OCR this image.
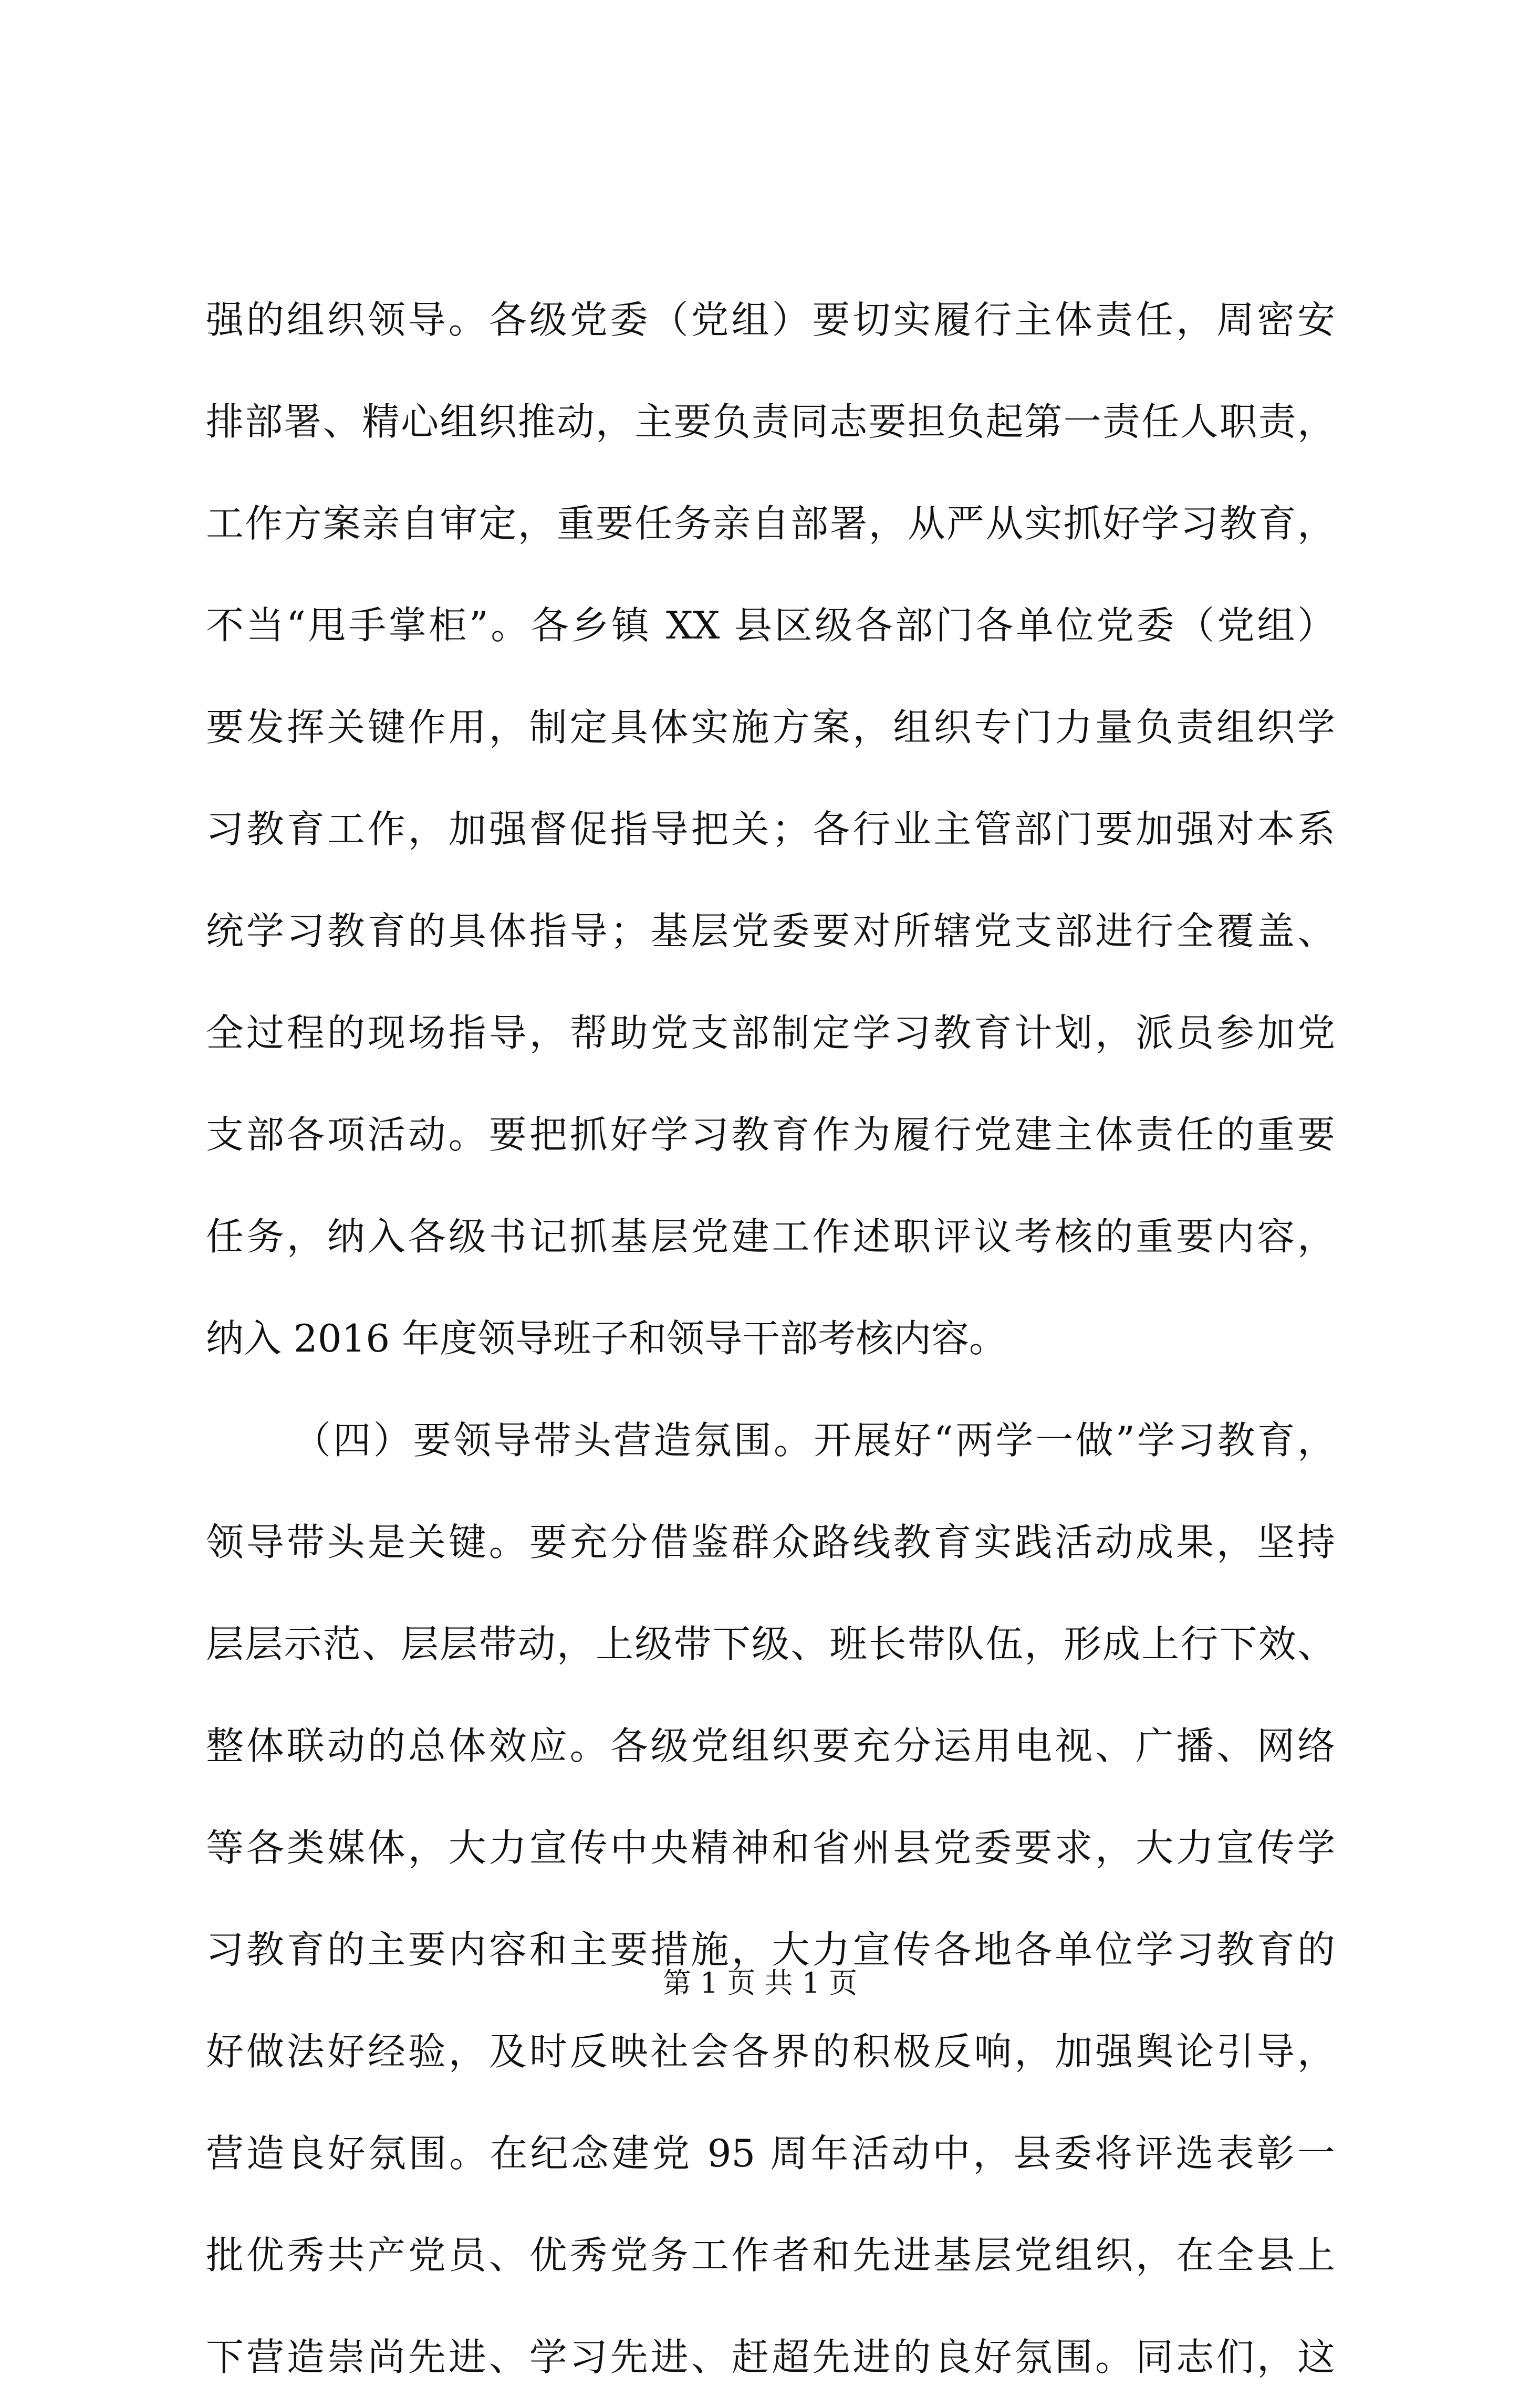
强的组织领导。各级党委（党组）要切实履行主体责任，周密安
排部署、精心组织推动，主要负责同志要担负起第一责任人职责，
工作方案亲自审定，重要任务亲自部署，从严从实抓好学习教育，
不当“甩手掌柜”。各乡镇 XX 县区级各部门各单位党委（党组）
要发挥关键作用，制定具体实施方案，组织专门力量负责组织学
习教育工作，加强督促指导把关；各行业主管部门要加强对本系
统学习教育的具体指导；基层党委要对所辖党支部进行全覆盖、
全过程的现场指导，帮助党支部制定学习教育计划，派员参加党
支部各项活动。要把抓好学习教育作为履行党建主体责任的重要
任务，纳入各级书记抓基层党建工作述职评议考核的重要内容，
纳入 2016 年度领导班子和领导干部考核内容。
（四）要领导带头营造氛围。开展好“两学一做”学习教育，
领导带头是关键。要充分借鉴群众路线教育实践活动成果，坚持
层层示范、层层带动，上级带下级、班长带队伍，形成上行下效、
整体联动的总体效应。各级党组织要充分运用电视、广播、网络
等各类媒体，大力宣传中央精神和省州县党委要求，大力宣传学
习教育的主要内容和主要措施，大力宣传各地各单位学习教育的
好做法好经验，及时反映社会各界的积极反响，加强舆论引导，
营造良好氛围。在纪念建党 95 周年活动中，县委将评选表彰一
批优秀共产党员、优秀党务工作者和先进基层党组织，在全县上
下营造崇尚先进、学习先进、赶超先进的良好氛围。同志们，这
第 1 页 共 1 页
